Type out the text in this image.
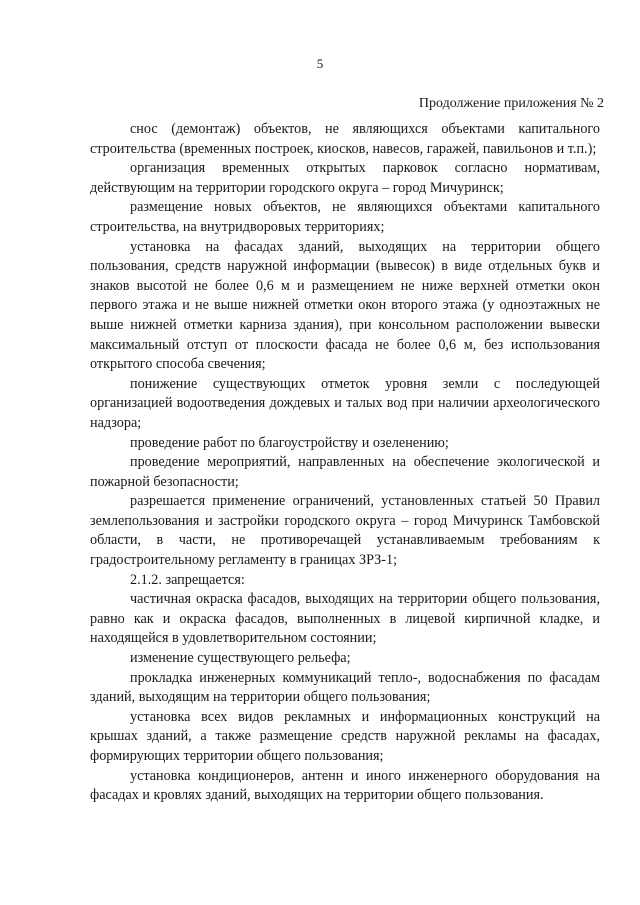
5
Продолжение приложения № 2

снос (демонтаж) объектов, не являющихся объектами капитального строительства (временных построек, киосков, навесов, гаражей, павильонов и т.п.);

организация временных открытых парковок согласно нормативам, действующим на территории городского округа – город Мичуринск;

размещение новых объектов, не являющихся объектами капитального строительства, на внутридворовых территориях;

установка на фасадах зданий, выходящих на территории общего пользования, средств наружной информации (вывесок) в виде отдельных букв и знаков высотой не более 0,6 м и размещением не ниже верхней отметки окон первого этажа и не выше нижней отметки окон второго этажа (у одноэтажных не выше нижней отметки карниза здания), при консольном расположении вывески максимальный отступ от плоскости фасада не более 0,6 м, без использования открытого способа свечения;

понижение существующих отметок уровня земли с последующей организацией водоотведения дождевых и талых вод при наличии археологического надзора;

проведение работ по благоустройству и озеленению;

проведение мероприятий, направленных на обеспечение экологической и пожарной безопасности;

разрешается применение ограничений, установленных статьей 50 Правил землепользования и застройки городского округа – город Мичуринск Тамбовской области, в части, не противоречащей устанавливаемым требованиям к градостроительному регламенту в границах ЗРЗ-1;

2.1.2. запрещается:

частичная окраска фасадов, выходящих на территории общего пользования, равно как и окраска фасадов, выполненных в лицевой кирпичной кладке, и находящейся в удовлетворительном состоянии;

изменение существующего рельефа;

прокладка инженерных коммуникаций тепло-, водоснабжения по фасадам зданий, выходящим на территории общего пользования;

установка всех видов рекламных и информационных конструкций на крышах зданий, а также размещение средств наружной рекламы на фасадах, формирующих территории общего пользования;

установка кондиционеров, антенн и иного инженерного оборудования на фасадах и кровлях зданий, выходящих на территории общего пользования.
